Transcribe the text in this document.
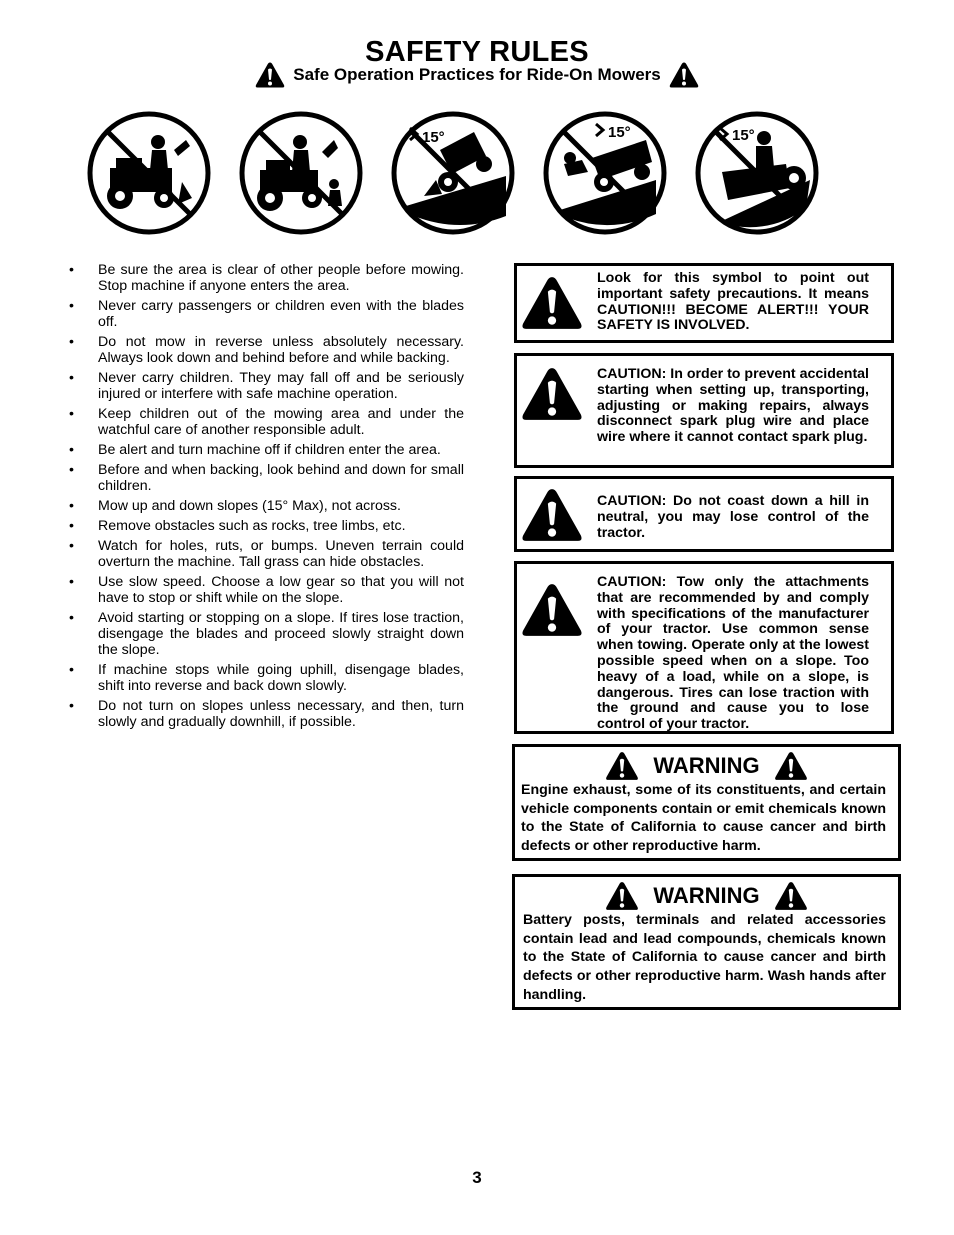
SAFETY RULES
Safe Operation Practices for Ride-On Mowers
15°	15°	15°
• Be sure the area is clear of other people before mowing. Stop machine if anyone enters the area.
• Never carry passengers or children even with the blades off.
• Do not mow in reverse unless absolutely necessary. Always look down and behind before and while backing.
• Never carry children. They may fall off and be seriously injured or interfere with safe machine operation.
• Keep children out of the mowing area and under the watchful care of another responsible adult.
• Be alert and turn machine off if children enter the area.
• Before and when backing, look behind and down for small children.
• Mow up and down slopes (15° Max), not across.
• Remove obstacles such as rocks, tree limbs, etc.
• Watch for holes, ruts, or bumps. Uneven terrain could overturn the machine. Tall grass can hide obstacles.
• Use slow speed. Choose a low gear so that you will not have to stop or shift while on the slope.
• Avoid starting or stopping on a slope. If tires lose traction, disengage the blades and proceed slowly straight down the slope.
• If machine stops while going uphill, disengage blades, shift into reverse and back down slowly.
• Do not turn on slopes unless necessary, and then, turn slowly and gradually downhill, if possible.
Look for this symbol to point out important safety precautions. It means CAUTION!!! BECOME ALERT!!! YOUR SAFETY IS INVOLVED.
CAUTION: In order to prevent accidental starting when setting up, transporting, adjusting or making repairs, always disconnect spark plug wire and place wire where it cannot contact spark plug.
CAUTION: Do not coast down a hill in neutral, you may lose control of the tractor.
CAUTION: Tow only the attachments that are recommended by and comply with specifications of the manufacturer of your tractor. Use common sense when towing. Operate only at the lowest possible speed when on a slope. Too heavy of a load, while on a slope, is dangerous. Tires can lose traction with the ground and cause you to lose control of your tractor.
WARNING
Engine exhaust, some of its constituents, and certain vehicle components contain or emit chemicals known to the State of California to cause cancer and birth defects or other reproductive harm.
WARNING
Battery posts, terminals and related accessories contain lead and lead compounds, chemicals known to the State of California to cause cancer and birth defects or other reproductive harm. Wash hands after handling.
3
